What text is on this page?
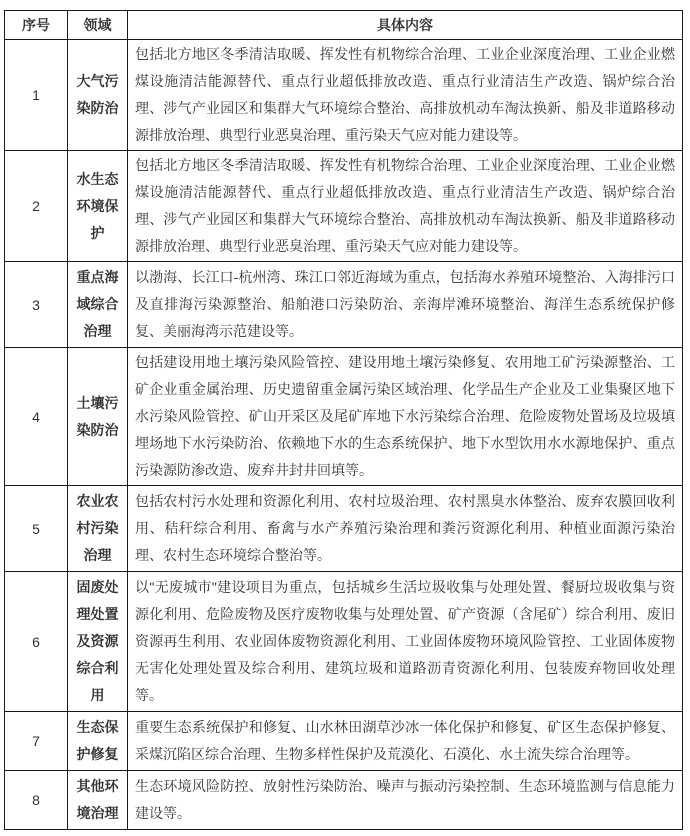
序号	领域	具体内容
1	大气污染防治	包括北方地区冬季清洁取暖、挥发性有机物综合治理、工业企业深度治理、工业企业燃煤设施清洁能源替代、重点行业超低排放改造、重点行业清洁生产改造、锅炉综合治理、涉气产业园区和集群大气环境综合整治、高排放机动车淘汰换新、船及非道路移动源排放治理、典型行业恶臭治理、重污染天气应对能力建设等。
2	水生态环境保护	包括北方地区冬季清洁取暖、挥发性有机物综合治理、工业企业深度治理、工业企业燃煤设施清洁能源替代、重点行业超低排放改造、重点行业清洁生产改造、锅炉综合治理、涉气产业园区和集群大气环境综合整治、高排放机动车淘汰换新、船及非道路移动源排放治理、典型行业恶臭治理、重污染天气应对能力建设等。
3	重点海域综合治理	以渤海、长江口-杭州湾、珠江口邻近海域为重点，包括海水养殖环境整治、入海排污口及直排海污染源整治、船舶港口污染防治、亲海岸滩环境整治、海洋生态系统保护修复、美丽海湾示范建设等。
4	土壤污染防治	包括建设用地土壤污染风险管控、建设用地土壤污染修复、农用地工矿污染源整治、工矿企业重金属治理、历史遗留重金属污染区域治理、化学品生产企业及工业集聚区地下水污染风险管控、矿山开采区及尾矿库地下水污染综合治理、危险废物处置场及垃圾填埋场地下水污染防治、依赖地下水的生态系统保护、地下水型饮用水水源地保护、重点污染源防渗改造、废弃井封井回填等。
5	农业农村污染治理	包括农村污水处理和资源化利用、农村垃圾治理、农村黑臭水体整治、废弃农膜回收利用、秸秆综合利用、畜禽与水产养殖污染治理和粪污资源化利用、种植业面源污染治理、农村生态环境综合整治等。
6	固废处理处置及资源综合利用	以"无废城市"建设项目为重点，包括城乡生活垃圾收集与处理处置、餐厨垃圾收集与资源化利用、危险废物及医疗废物收集与处理处置、矿产资源（含尾矿）综合利用、废旧资源再生利用、农业固体废物资源化利用、工业固体废物环境风险管控、工业固体废物无害化处理处置及综合利用、建筑垃圾和道路沥青资源化利用、包装废弃物回收处理等。
7	生态保护修复	重要生态系统保护和修复、山水林田湖草沙冰一体化保护和修复、矿区生态保护修复、采煤沉陷区综合治理、生物多样性保护及荒漠化、石漠化、水土流失综合治理等。
8	其他环境治理	生态环境风险防控、放射性污染防治、噪声与振动污染控制、生态环境监测与信息能力建设等。
